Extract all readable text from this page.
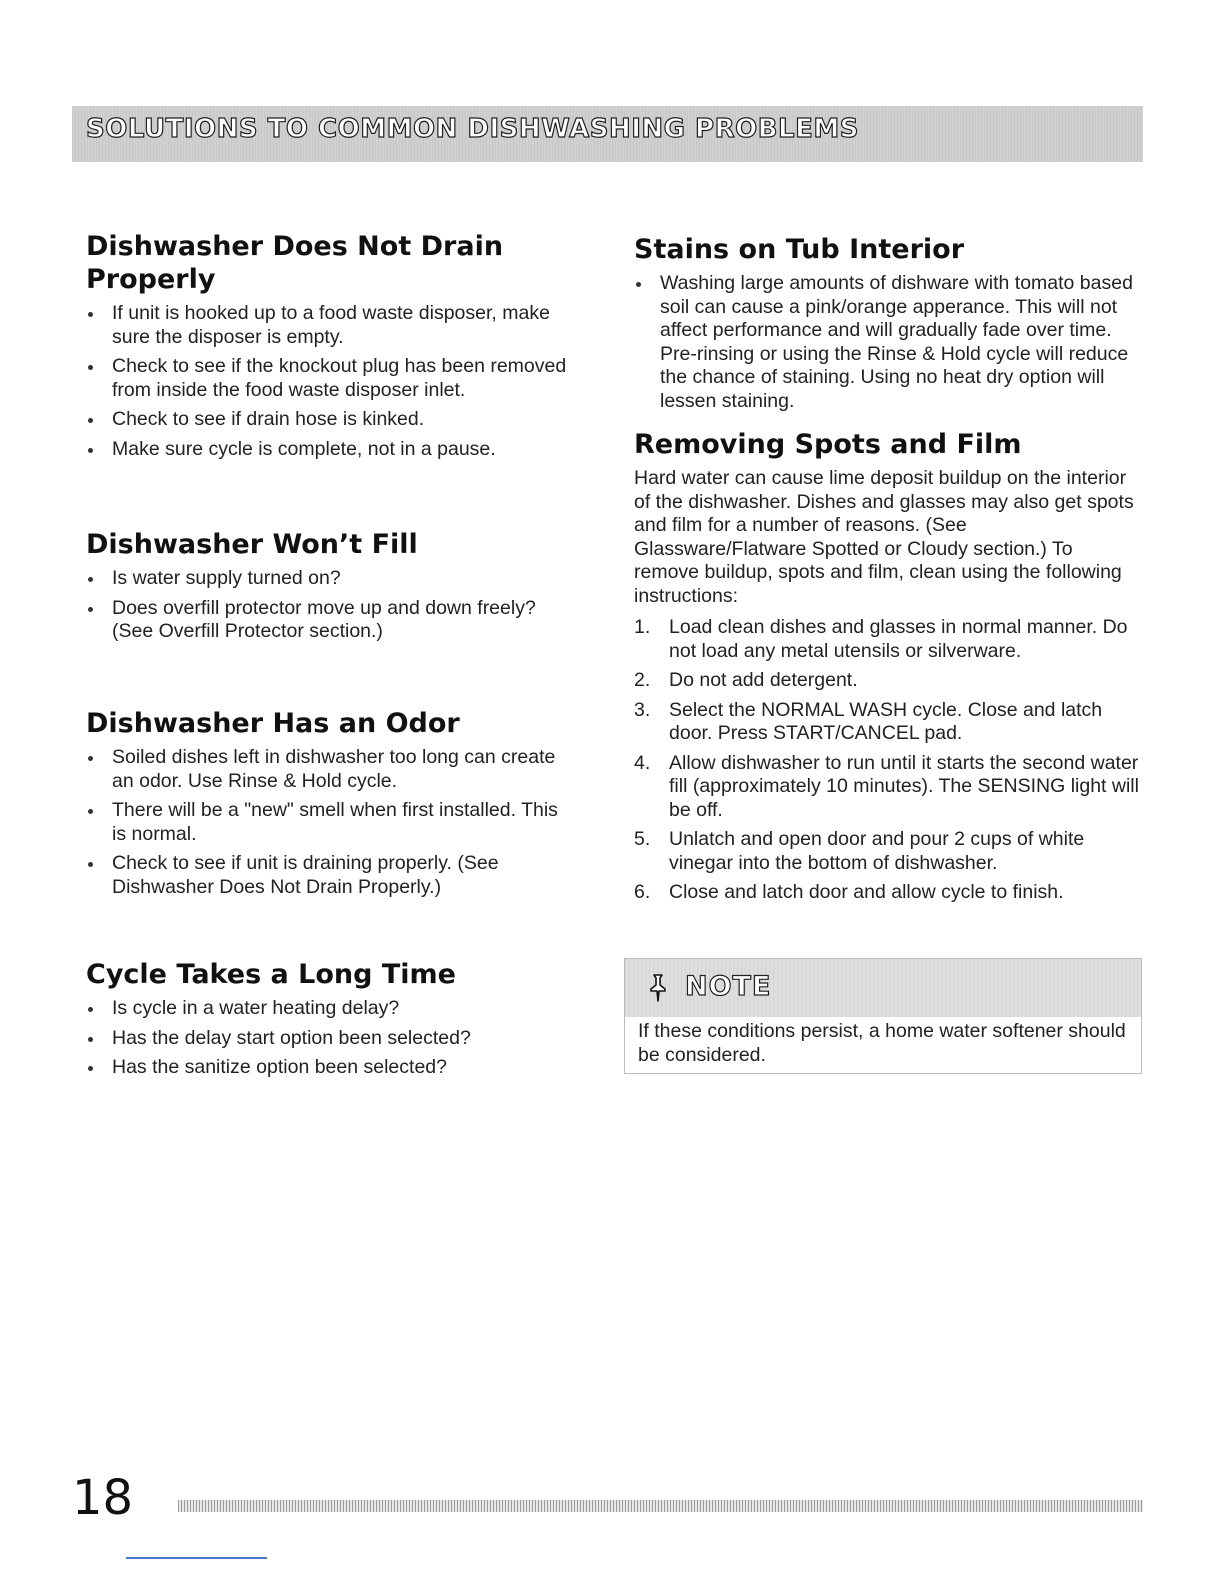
SOLUTIONS TO COMMON DISHWASHING PROBLEMS
Dishwasher Does Not Drain
Properly
If unit is hooked up to a food waste disposer, make sure the disposer is empty.
Check to see if the knockout plug has been removed from inside the food waste disposer inlet.
Check to see if drain hose is kinked.
Make sure cycle is complete, not in a pause.
Dishwasher Won’t Fill
Is water supply turned on?
Does overfill protector move up and down freely? (See Overfill Protector section.)
Dishwasher Has an Odor
Soiled dishes left in dishwasher too long can create an odor. Use Rinse & Hold cycle.
There will be a "new" smell when first installed. This is normal.
Check to see if unit is draining properly. (See Dishwasher Does Not Drain Properly.)
Cycle Takes a Long Time
Is cycle in a water heating delay?
Has the delay start option been selected?
Has the sanitize option been selected?
Stains on Tub Interior
Washing large amounts of dishware with tomato based soil can cause a pink/orange apperance. This will not affect performance and will gradually fade over time. Pre-rinsing or using the Rinse & Hold cycle will reduce the chance of staining. Using no heat dry option will lessen staining.
Removing Spots and Film

Hard water can cause lime deposit buildup on the interior of the dishwasher. Dishes and glasses may also get spots and film for a number of reasons. (See Glassware/Flatware Spotted or Cloudy section.) To remove buildup, spots and film, clean using the following instructions:

1. Load clean dishes and glasses in normal manner. Do not load any metal utensils or silverware.
2. Do not add detergent.
3. Select the NORMAL WASH cycle. Close and latch door. Press START/CANCEL pad.
4. Allow dishwasher to run until it starts the second water fill (approximately 10 minutes). The SENSING light will be off.
5. Unlatch and open door and pour 2 cups of white vinegar into the bottom of dishwasher.
6. Close and latch door and allow cycle to finish.
NOTE

If these conditions persist, a home water softener should be considered.

18
